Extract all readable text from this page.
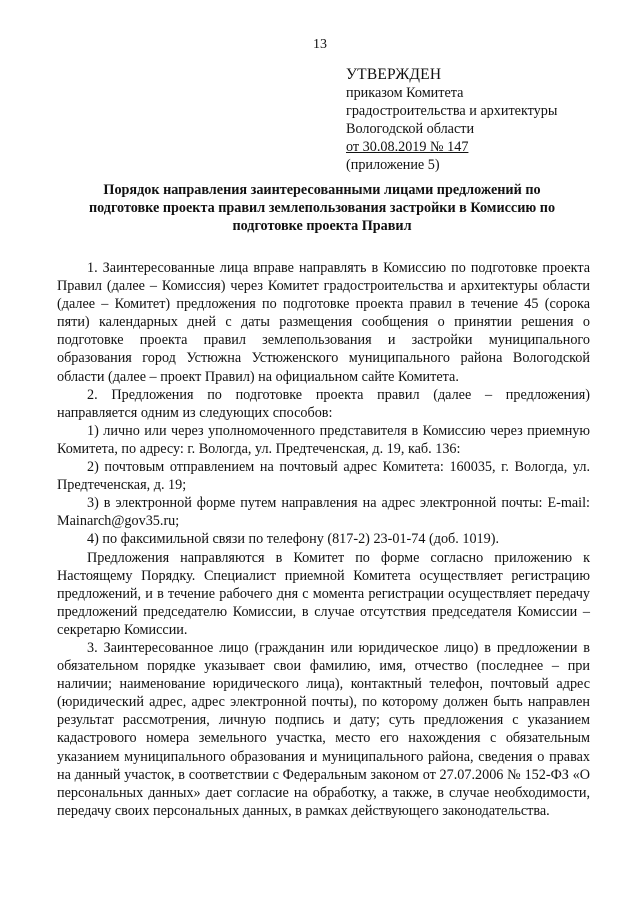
13
УТВЕРЖДЕН
приказом Комитета
градостроительства и архитектуры
Вологодской области
от 30.08.2019 № 147
(приложение 5)
Порядок направления заинтересованными лицами предложений по
подготовке проекта правил землепользования застройки в Комиссию по
подготовке проекта Правил

1. Заинтересованные лица вправе направлять в Комиссию по подготовке проекта Правил (далее – Комиссия) через Комитет градостроительства и архитектуры области (далее – Комитет) предложения по подготовке проекта правил в течение 45 (сорока пяти) календарных дней с даты размещения сообщения о принятии решения о подготовке проекта правил землепользования и застройки муниципального образования город Устюжна Устюженского муниципального района Вологодской области (далее – проект Правил) на официальном сайте Комитета.

2. Предложения по подготовке проекта правил (далее – предложения) направляется одним из следующих способов:

1) лично или через уполномоченного представителя в Комиссию через приемную Комитета, по адресу: г. Вологда, ул. Предтеченская, д. 19, каб. 136:

2) почтовым отправлением на почтовый адрес Комитета: 160035, г. Вологда, ул. Предтеченская, д. 19;

3) в электронной форме путем направления на адрес электронной почты: E-mail: Mainarch@gov35.ru;

4) по факсимильной связи по телефону (817-2) 23-01-74 (доб. 1019).

Предложения направляются в Комитет по форме согласно приложению к Настоящему Порядку. Специалист приемной Комитета осуществляет регистрацию предложений, и в течение рабочего дня с момента регистрации осуществляет передачу предложений председателю Комиссии, в случае отсутствия председателя Комиссии – секретарю Комиссии.

3. Заинтересованное лицо (гражданин или юридическое лицо) в предложении в обязательном порядке указывает свои фамилию, имя, отчество (последнее – при наличии; наименование юридического лица), контактный телефон, почтовый адрес (юридический адрес, адрес электронной почты), по которому должен быть направлен результат рассмотрения, личную подпись и дату; суть предложения с указанием кадастрового номера земельного участка, место его нахождения с обязательным указанием муниципального образования и муниципального района, сведения о правах на данный участок, в соответствии с Федеральным законом от 27.07.2006 № 152-ФЗ «О персональных данных» дает согласие на обработку, а также, в случае необходимости, передачу своих персональных данных, в рамках действующего законодательства.
